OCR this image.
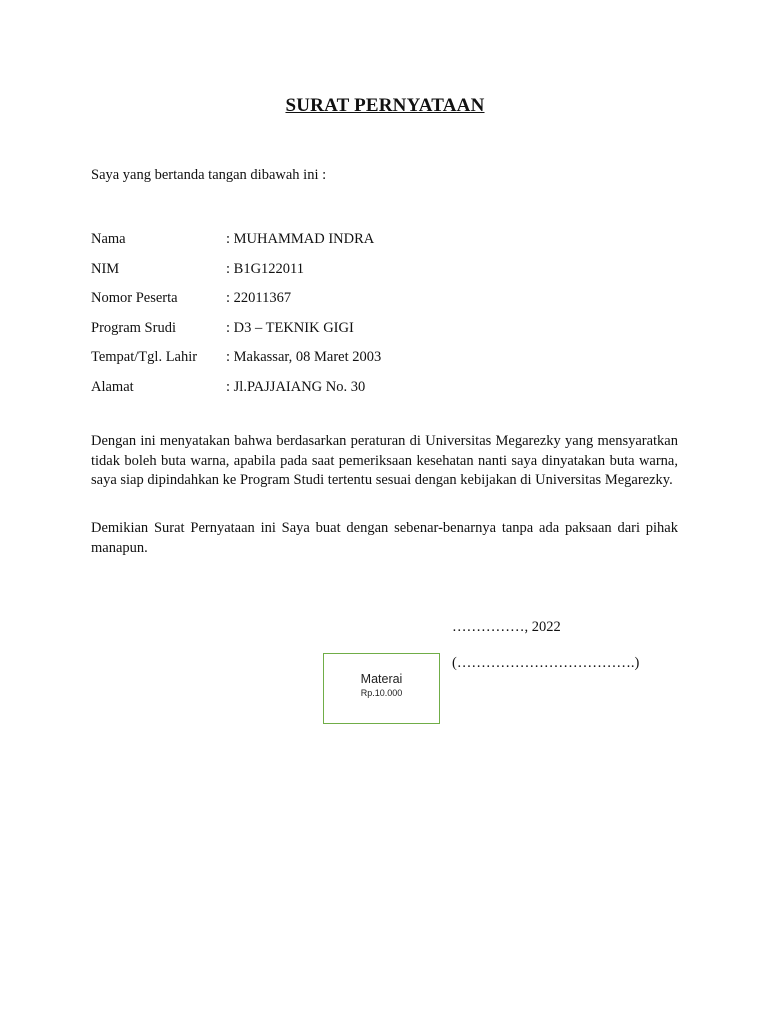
SURAT PERNYATAAN
Saya yang bertanda tangan dibawah ini :
Nama	: MUHAMMAD INDRA
NIM	: B1G122011
Nomor Peserta	: 22011367
Program Srudi	: D3 – TEKNIK GIGI
Tempat/Tgl. Lahir	: Makassar, 08 Maret 2003
Alamat	: Jl.PAJJAIANG No. 30
Dengan ini menyatakan bahwa berdasarkan peraturan di Universitas Megarezky yang mensyaratkan tidak boleh buta warna, apabila pada saat pemeriksaan kesehatan nanti saya dinyatakan buta warna, saya siap dipindahkan ke Program Studi tertentu sesuai dengan kebijakan di Universitas Megarezky.
Demikian Surat Pernyataan ini Saya buat dengan sebenar-benarnya tanpa ada paksaan dari pihak manapun.
……………, 2022
Materai
Rp.10.000
(……………………………….)
